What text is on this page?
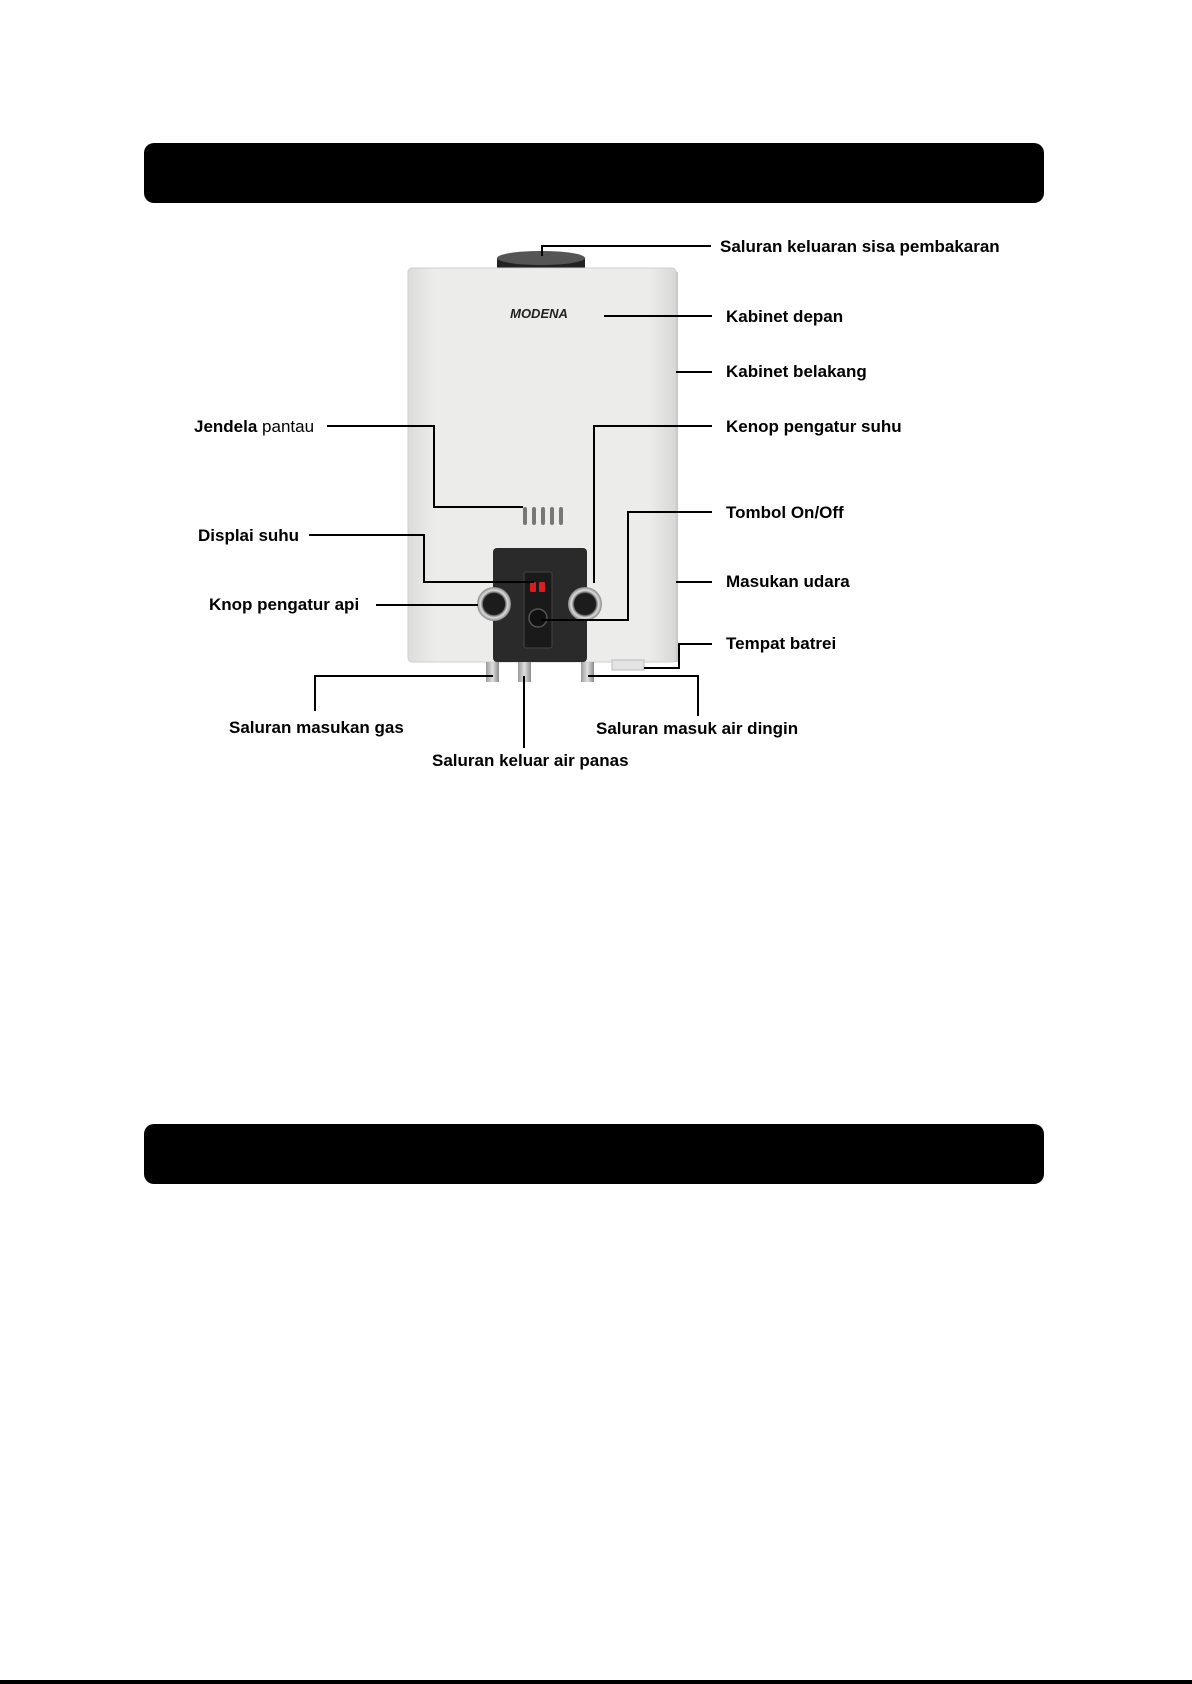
MODENA
Saluran keluaran sisa pembakaran
Kabinet depan
Kabinet belakang
Jendela pantau	Kenop pengatur suhu
Displai suhu
Tombol On/Off
Masukan udara
Knop pengatur api
Tempat batrei
Saluran masukan gas	Saluran masuk air dingin
Saluran keluar air panas
